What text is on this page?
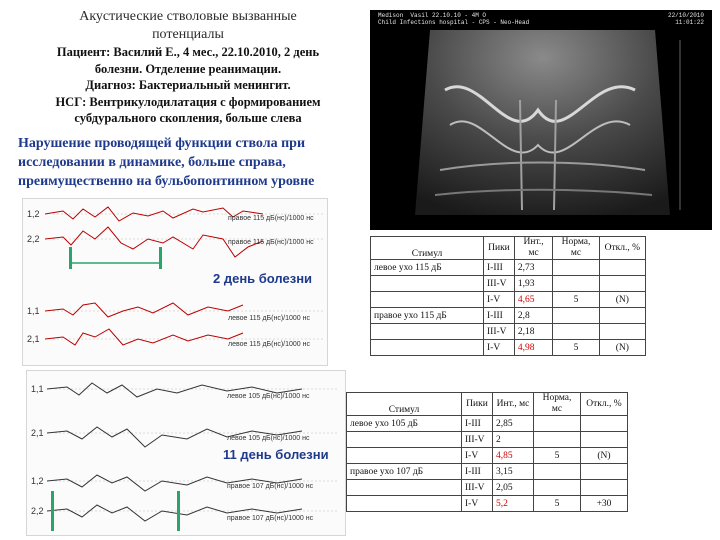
Акустические стволовые вызванные
потенциалы
Пациент: Василий Е., 4 мес., 22.10.2010, 2 день
болезни. Отделение реанимации.
Диагноз: Бактериальный менингит.
НСГ: Вентрикулодилатация с формированием
субдурального скопления, больше слева
Нарушение проводящей функции ствола при
исследовании в динамике, больше справа,
преимущественно на бульбопонтинном уровне
Medison  Vasil 22.10.10 - 4M O
Child Infections hospital - CPS - Neo-Head
22/10/2010
11:01:22
1,2
2,2
1,1
2,1
правое 115 дБ(нс)/1000 нс
правое 115 дБ(нс)/1000 нс
левое 115 дБ(нс)/1000 нс
левое 115 дБ(нс)/1000 нс
2 день болезни
Стимул	Пики	Инт., мс	Норма, мс	Откл., %
левое ухо 115 дБ	I-III	2,73		
	III-V	1,93		
	I-V	4,65	5	(N)
правое ухо 115 дБ	I-III	2,8		
	III-V	2,18		
	I-V	4,98	5	(N)
1,1
2,1
1,2
2,2
левое 105 дБ(нс)/1000 нс
левое 105 дБ(нс)/1000 нс
правое 107 дБ(нс)/1000 нс
правое 107 дБ(нс)/1000 нс
11 день болезни
Стимул	Пики	Инт., мс	Норма, мс	Откл., %
левое ухо 105 дБ	I-III	2,85		
	III-V	2		
	I-V	4,85	5	(N)
правое ухо 107 дБ	I-III	3,15		
	III-V	2,05		
	I-V	5,2	5	+30
